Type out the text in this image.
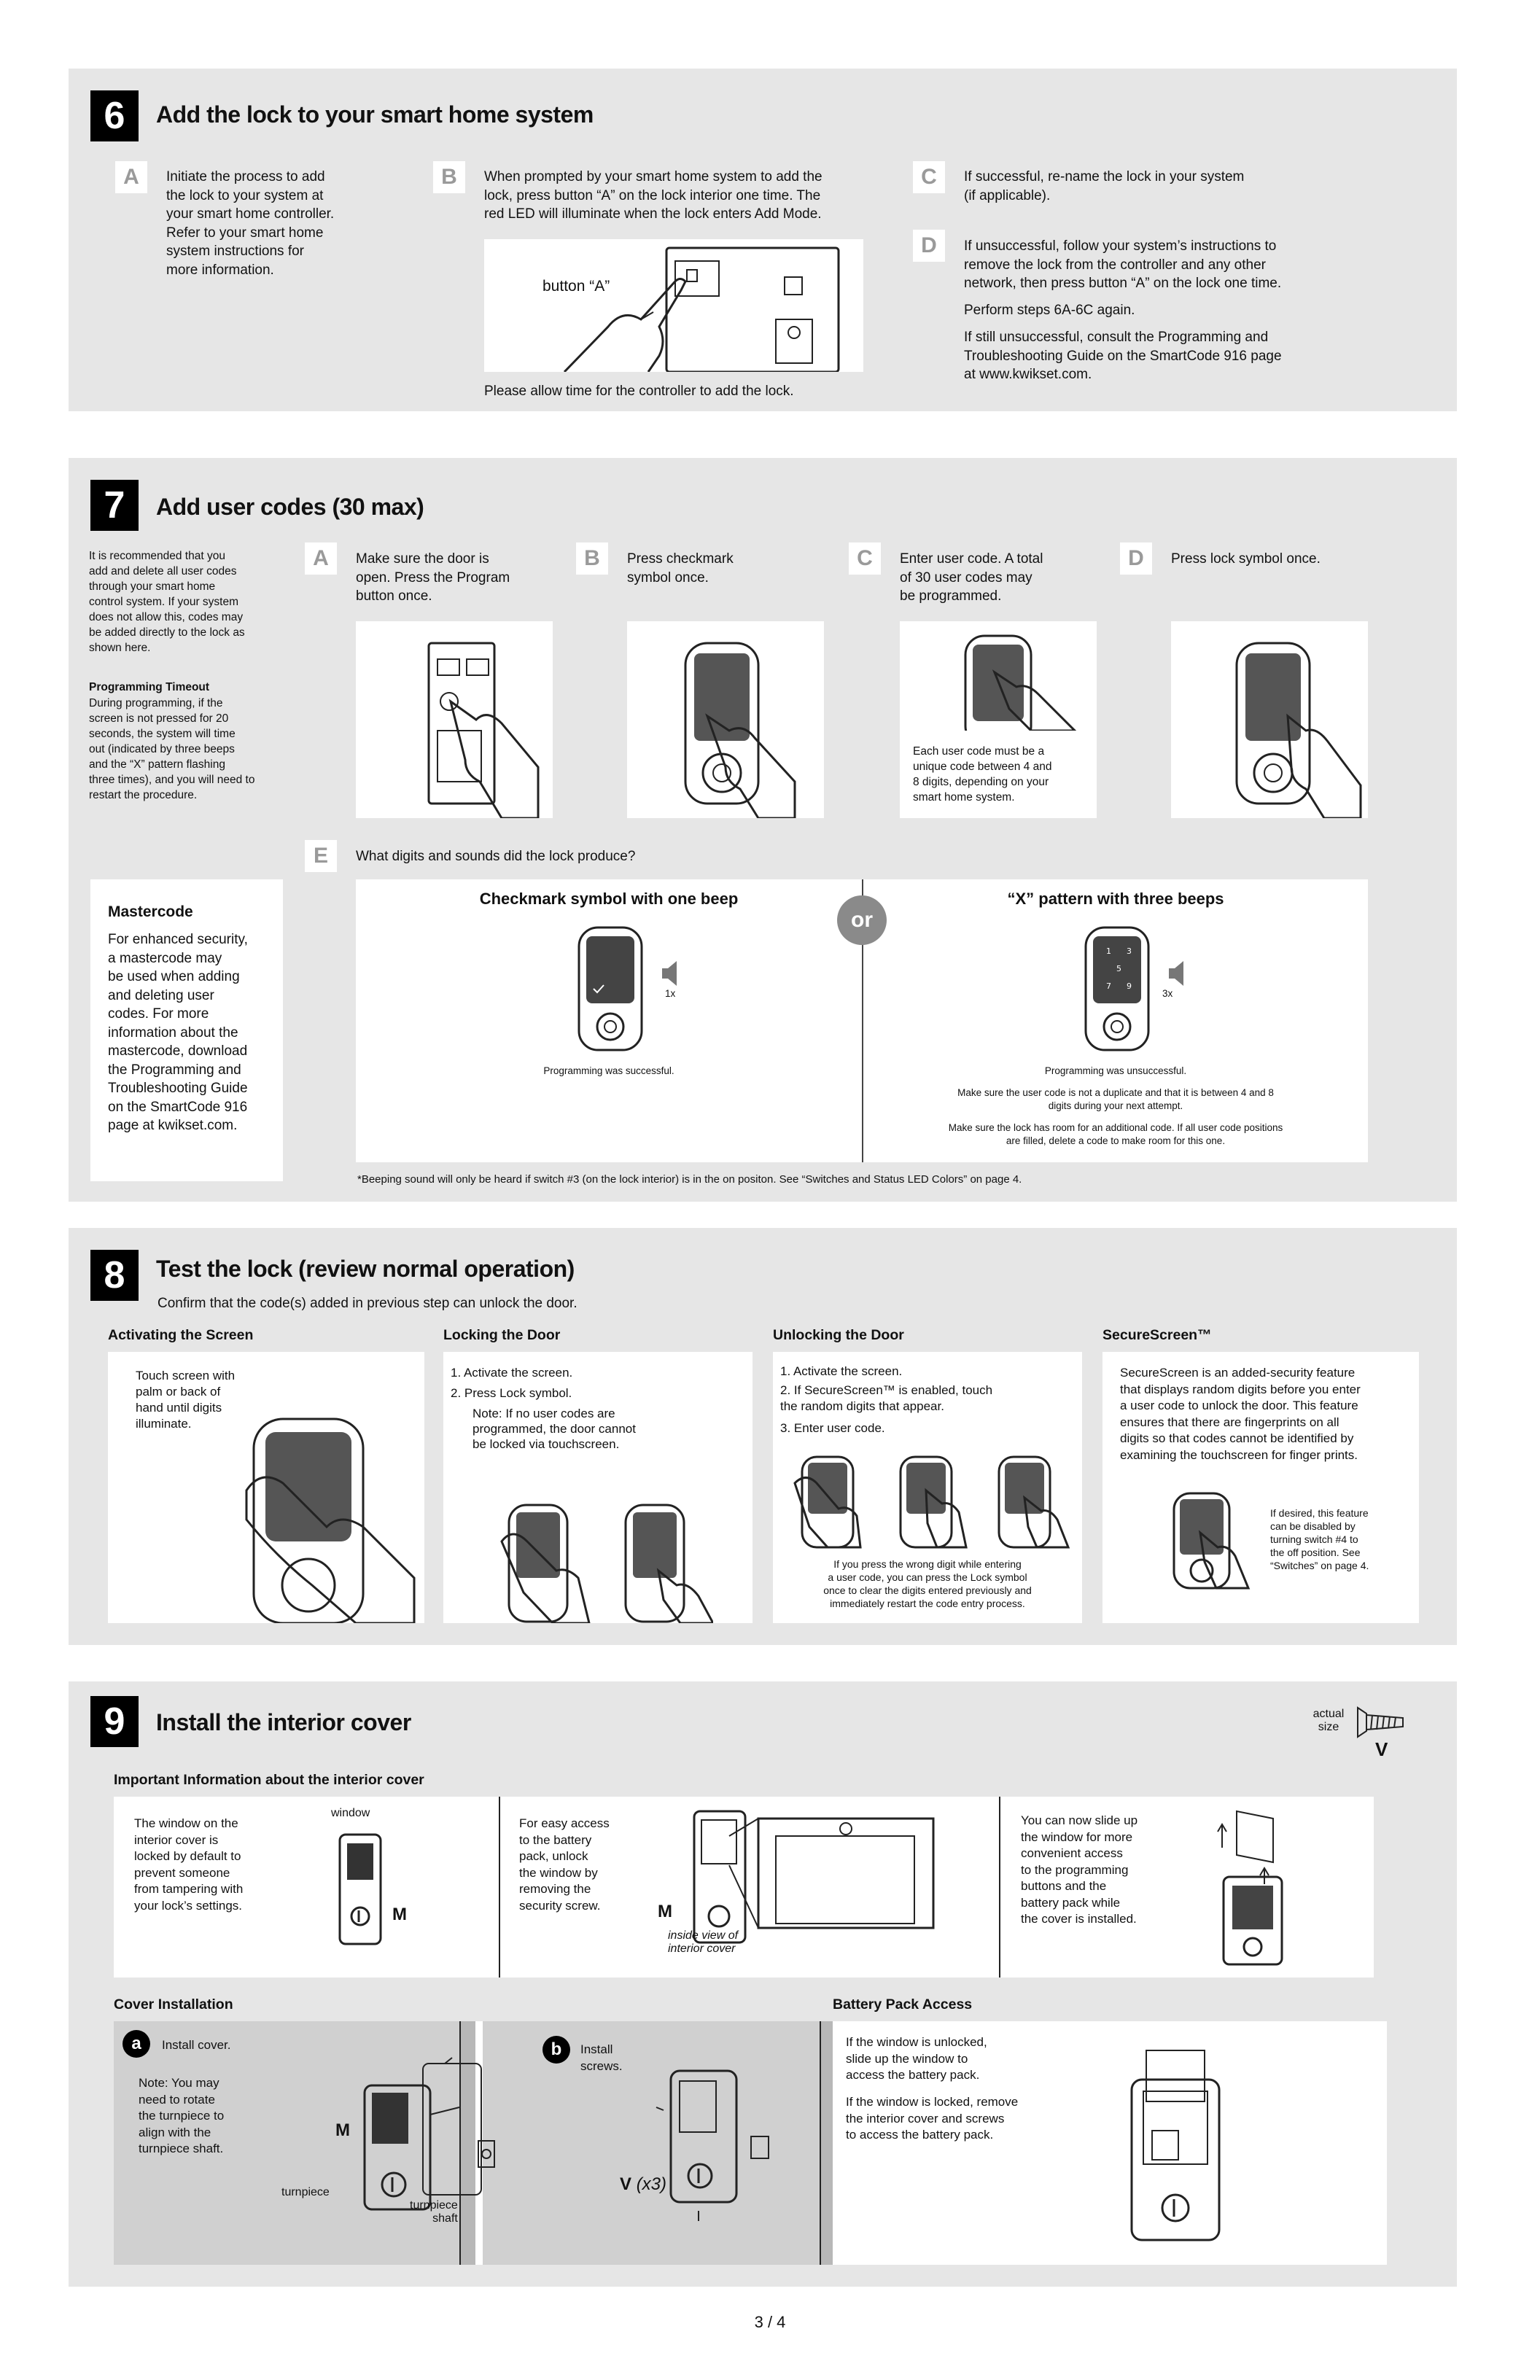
6	Add the lock to your smart home system
A	Initiate the process to add
the lock to your system at
your smart home controller.
Refer to your smart home
system instructions for
more information.
B	When prompted by your smart home system to add the
lock, press button “A” on the lock interior one time. The
red LED will illuminate when the lock enters Add Mode.
button “A”
Please allow time for the controller to add the lock.
C	If successful, re-name the lock in your system
(if applicable).
D	If unsuccessful, follow your system’s instructions to
remove the lock from the controller and any other
network, then press button “A” on the lock one time.
Perform steps 6A-6C again.
If still unsuccessful, consult the Programming and
Troubleshooting Guide on the SmartCode 916 page
at www.kwikset.com.
7	Add user codes (30 max)
It is recommended that you
add and delete all user codes
through your smart home
control system. If your system
does not allow this, codes may
be added directly to the lock as
shown here.
Programming Timeout
During programming, if the
screen is not pressed for 20
seconds, the system will time
out (indicated by three beeps
and the “X” pattern flashing
three times), and you will need to
restart the procedure.
A	Make sure the door is
open. Press the Program
button once.
B	Press checkmark
symbol once.
C	Enter user code. A total
of 30 user codes may
be programmed.
Each user code must be a
unique code between 4 and
8 digits, depending on your
smart home system.
D	Press lock symbol once.
E	What digits and sounds did the lock produce?
Mastercode
For enhanced security,
a mastercode may
be used when adding
and deleting user
codes. For more
information about the
mastercode, download
the Programming and
Troubleshooting Guide
on the SmartCode 916
page at kwikset.com.
Checkmark symbol with one beep
1x
Programming was successful.
“X” pattern with three beeps
1 3
5
7 9
3x
Programming was unsuccessful.
Make sure the user code is not a duplicate and that it is between 4 and 8
digits during your next attempt.
Make sure the lock has room for an additional code. If all user code positions
are filled, delete a code to make room for this one.
or
*Beeping sound will only be heard if switch #3 (on the lock interior) is in the on positon. See “Switches and Status LED Colors” on page 4.
8	Test the lock (review normal operation)
Confirm that the code(s) added in previous step can unlock the door.
Activating the Screen
Touch screen with
palm or back of
hand until digits
illuminate.
Locking the Door
1. Activate the screen.
2. Press Lock symbol.
Note: If no user codes are
programmed, the door cannot
be locked via touchscreen.
Unlocking the Door
1. Activate the screen.
2. If SecureScreen™ is enabled, touch
the random digits that appear.
3. Enter user code.
If you press the wrong digit while entering
a user code, you can press the Lock symbol
once to clear the digits entered previously and
immediately restart the code entry process.
SecureScreen™
SecureScreen is an added-security feature
that displays random digits before you enter
a user code to unlock the door. This feature
ensures that there are fingerprints on all
digits so that codes cannot be identified by
examining the touchscreen for finger prints.
If desired, this feature
can be disabled by
turning switch #4 to
the off position. See
“Switches” on page 4.
9	Install the interior cover	actual
size
V
Important Information about the interior cover
The window on the
interior cover is
locked by default to
prevent someone
from tampering with
your lock’s settings.
window
M
For easy access
to the battery
pack, unlock
the window by
removing the
security screw.	M
inside view of
interior cover
You can now slide up
the window for more
convenient access
to the programming
buttons and the
battery pack while
the cover is installed.
Cover Installation
a Install cover.
Note: You may
need to rotate
the turnpiece to
align with the
turnpiece shaft.
M
turnpiece
turnpiece
shaft
b Install
screws.
V (x3)
Battery Pack Access
If the window is unlocked,
slide up the window to
access the battery pack.
If the window is locked, remove
the interior cover and screws
to access the battery pack.
3 / 4
